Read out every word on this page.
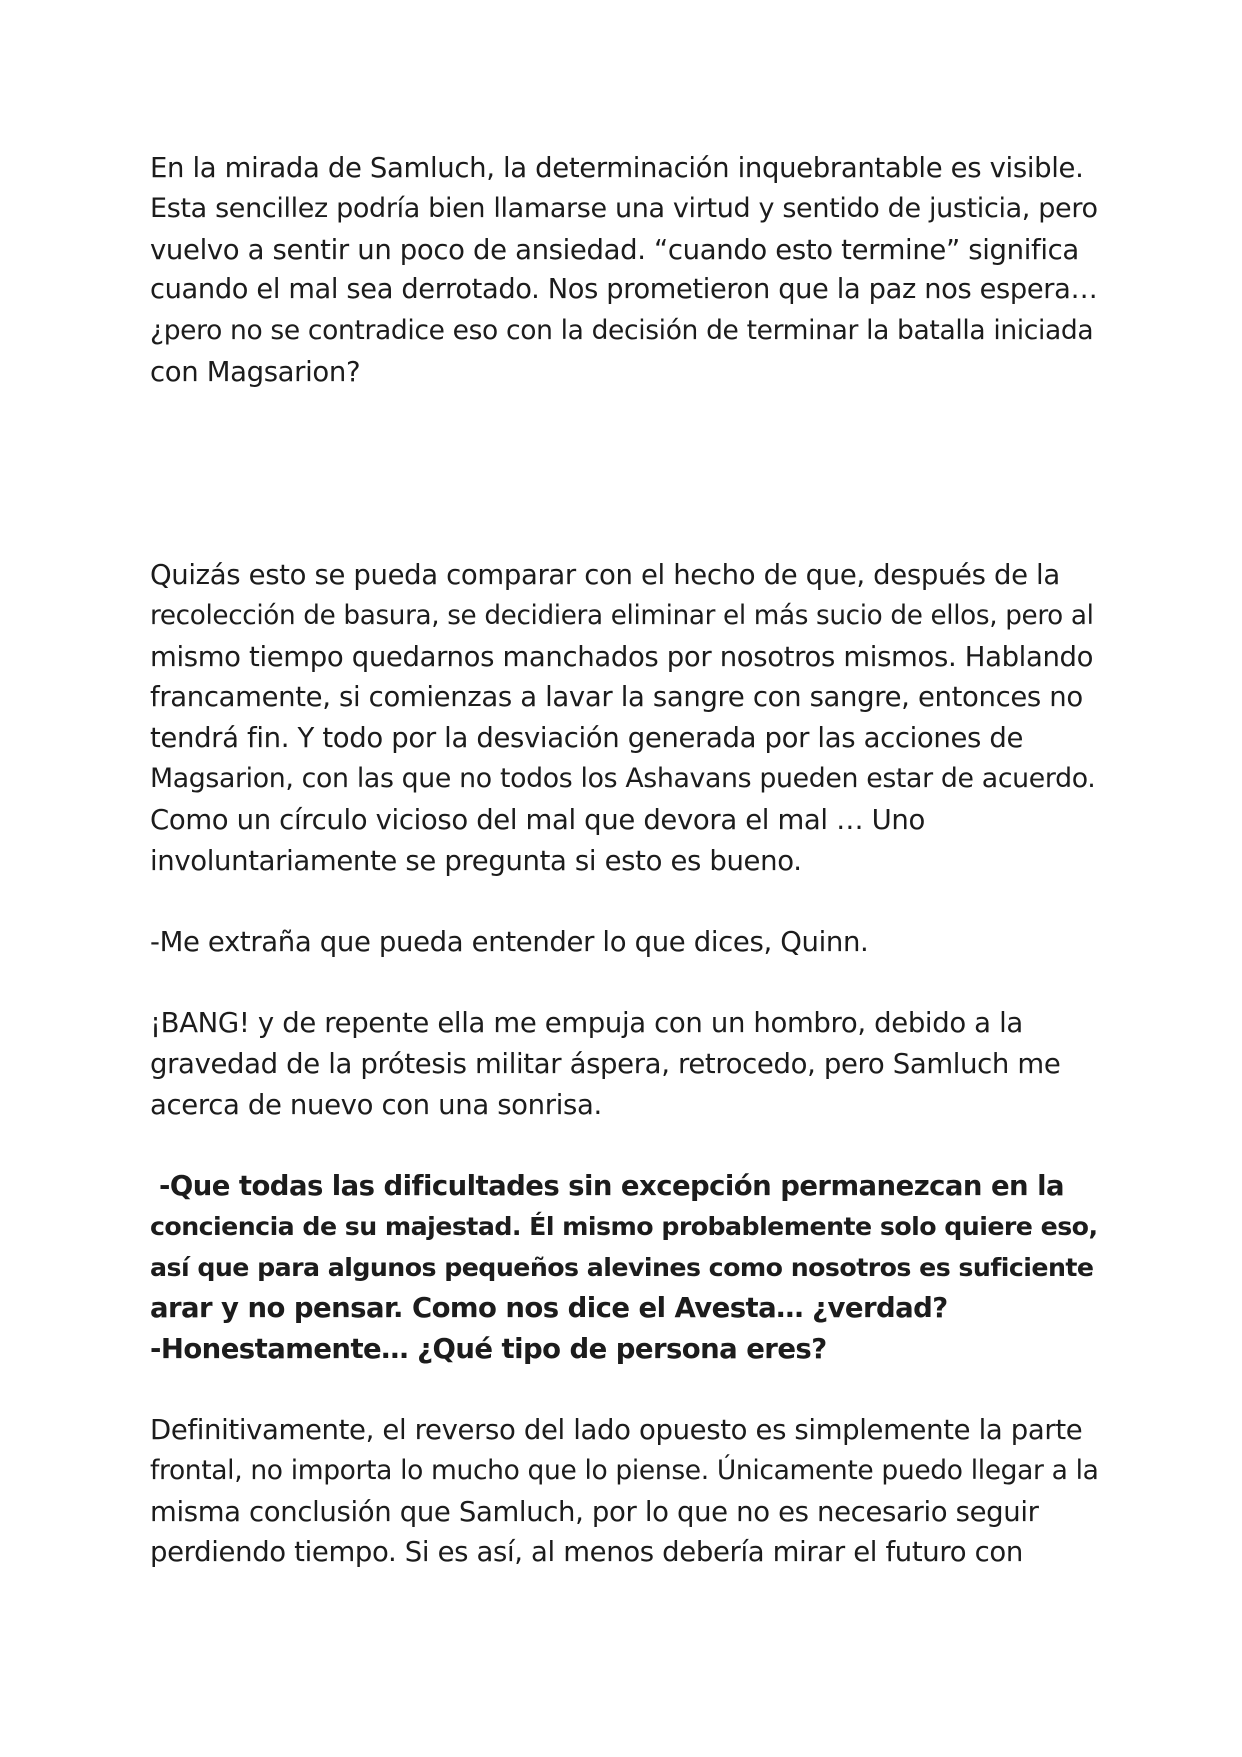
En la mirada de Samluch, la determinación inquebrantable es visible.
Esta sencillez podría bien llamarse una virtud y sentido de justicia, pero
vuelvo a sentir un poco de ansiedad. “cuando esto termine” significa
cuando el mal sea derrotado. Nos prometieron que la paz nos espera…
¿pero no se contradice eso con la decisión de terminar la batalla iniciada
con Magsarion?
Quizás esto se pueda comparar con el hecho de que, después de la
recolección de basura, se decidiera eliminar el más sucio de ellos, pero al
mismo tiempo quedarnos manchados por nosotros mismos. Hablando
francamente, si comienzas a lavar la sangre con sangre, entonces no
tendrá fin. Y todo por la desviación generada por las acciones de
Magsarion, con las que no todos los Ashavans pueden estar de acuerdo.
Como un círculo vicioso del mal que devora el mal … Uno
involuntariamente se pregunta si esto es bueno.
-Me extraña que pueda entender lo que dices, Quinn.
¡BANG! y de repente ella me empuja con un hombro, debido a la
gravedad de la prótesis militar áspera, retrocedo, pero Samluch me
acerca de nuevo con una sonrisa.
-Que todas las dificultades sin excepción permanezcan en la
conciencia de su majestad. Él mismo probablemente solo quiere eso,
así que para algunos pequeños alevines como nosotros es suficiente
arar y no pensar. Como nos dice el Avesta… ¿verdad?
-Honestamente… ¿Qué tipo de persona eres?
Definitivamente, el reverso del lado opuesto es simplemente la parte
frontal, no importa lo mucho que lo piense. Únicamente puedo llegar a la
misma conclusión que Samluch, por lo que no es necesario seguir
perdiendo tiempo. Si es así, al menos debería mirar el futuro con
